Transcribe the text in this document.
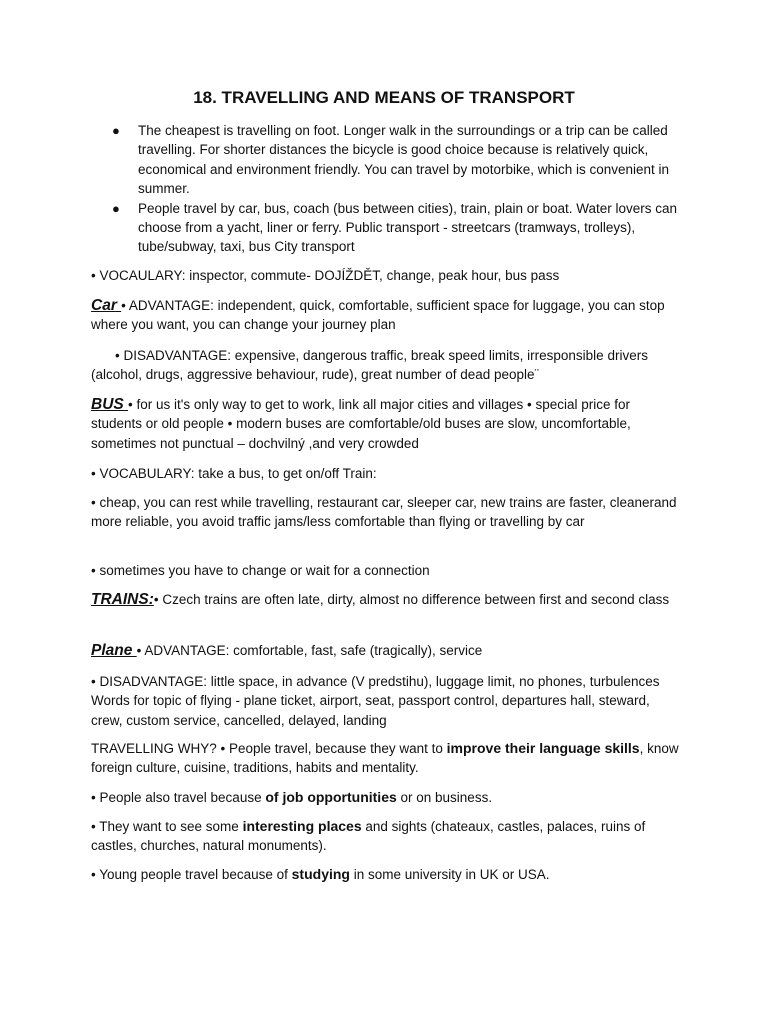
18. TRAVELLING AND MEANS OF TRANSPORT
● The cheapest is travelling on foot. Longer walk in the surroundings or a trip can be called travelling. For shorter distances the bicycle is good choice because is relatively quick, economical and environment friendly. You can travel by motorbike, which is convenient in summer.
● People travel by car, bus, coach (bus between cities), train, plain or boat. Water lovers can choose from a yacht, liner or ferry. Public transport - streetcars (tramways, trolleys), tube/subway, taxi, bus City transport

• VOCAULARY: inspector, commute- DOJÍŽDĚT, change, peak hour, bus pass

Car • ADVANTAGE: independent, quick, comfortable, sufficient space for luggage, you can stop where you want, you can change your journey plan

• DISADVANTAGE: expensive, dangerous traffic, break speed limits, irresponsible drivers (alcohol, drugs, aggressive behaviour, rude), great number of dead people¨

BUS • for us it's only way to get to work, link all major cities and villages • special price for students or old people • modern buses are comfortable/old buses are slow, uncomfortable, sometimes not punctual – dochvilný ,and very crowded

• VOCABULARY: take a bus, to get on/off Train:

• cheap, you can rest while travelling, restaurant car, sleeper car, new trains are faster, cleanerand more reliable, you avoid traffic jams/less comfortable than flying or travelling by car

• sometimes you have to change or wait for a connection

TRAINS:• Czech trains are often late, dirty, almost no difference between first and second class

Plane • ADVANTAGE: comfortable, fast, safe (tragically), service

• DISADVANTAGE: little space, in advance (V predstihu), luggage limit, no phones, turbulences Words for topic of flying - plane ticket, airport, seat, passport control, departures hall, steward, crew, custom service, cancelled, delayed, landing

TRAVELLING WHY? • People travel, because they want to improve their language skills, know foreign culture, cuisine, traditions, habits and mentality.

• People also travel because of job opportunities or on business.

• They want to see some interesting places and sights (chateaux, castles, palaces, ruins of castles, churches, natural monuments).

• Young people travel because of studying in some university in UK or USA.
